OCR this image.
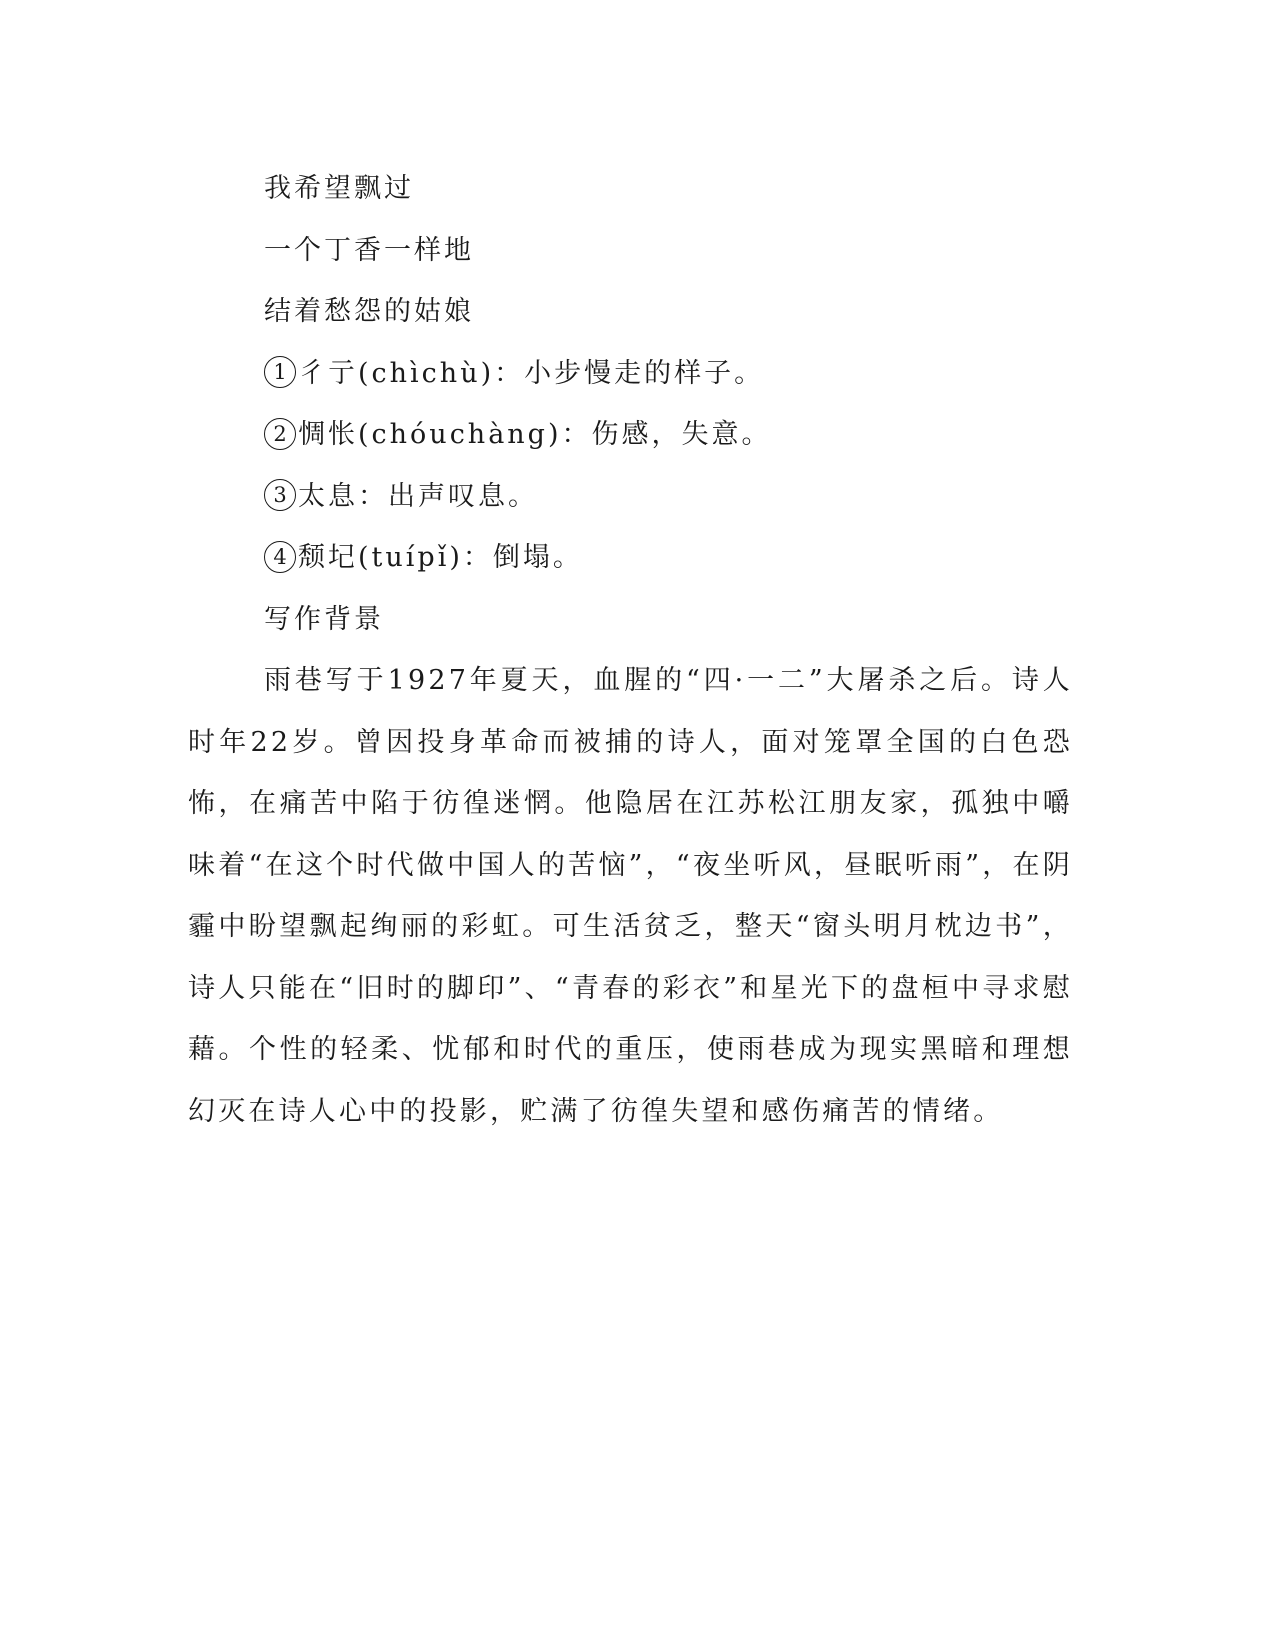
我希望飘过
一个丁香一样地
结着愁怨的姑娘
1 彳亍(chìchù)：小步慢走的样子。
2 惆怅(chóuchàng)：伤感，失意。
3 太息：出声叹息。
4 颓圮(tuípǐ)：倒塌。
写作背景

雨巷写于1927年夏天，血腥的“四·一二”大屠杀之后。诗人时年22岁。曾因投身革命而被捕的诗人，面对笼罩全国的白色恐怖，在痛苦中陷于彷徨迷惘。他隐居在江苏松江朋友家，孤独中嚼味着“在这个时代做中国人的苦恼”，“夜坐听风，昼眠听雨”，在阴霾中盼望飘起绚丽的彩虹。可生活贫乏，整天“窗头明月枕边书”，诗人只能在“旧时的脚印”、“青春的彩衣”和星光下的盘桓中寻求慰藉。个性的轻柔、忧郁和时代的重压，使雨巷成为现实黑暗和理想幻灭在诗人心中的投影，贮满了彷徨失望和感伤痛苦的情绪。
